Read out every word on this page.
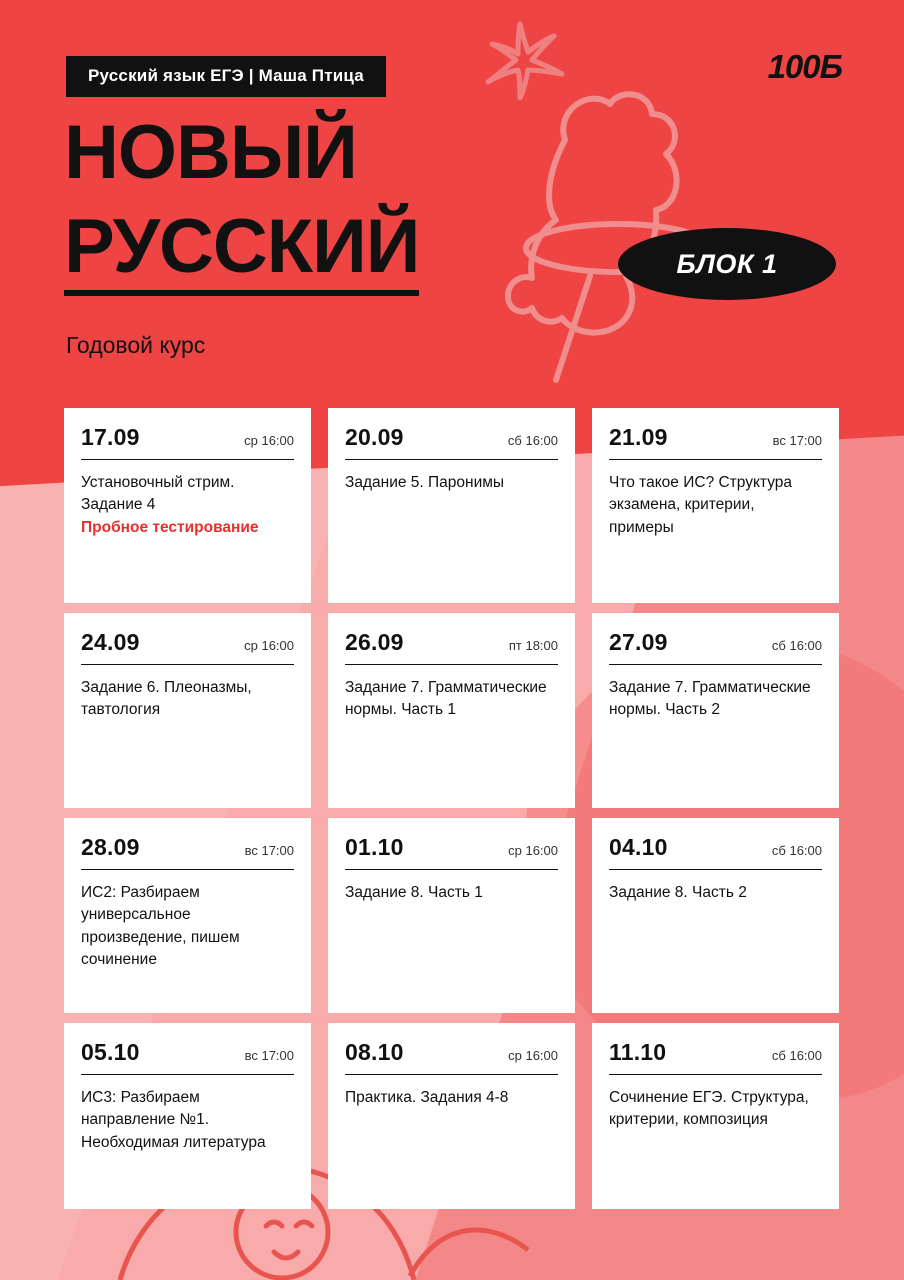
Русский язык ЕГЭ | Маша Птица	100Б
НОВЫЙ
РУССКИЙ
Годовой курс
БЛОК 1
17.09	ср 16:00
Установочный стрим. Задание 4
Пробное тестирование
20.09	сб 16:00
Задание 5. Паронимы
21.09	вс 17:00
Что такое ИС? Структура экзамена, критерии, примеры
24.09	ср 16:00
Задание 6. Плеоназмы, тавтология
26.09	пт 18:00
Задание 7. Грамматические нормы. Часть 1
27.09	сб 16:00
Задание 7. Грамматические нормы. Часть 2
28.09	вс 17:00
ИС2: Разбираем универсальное произведение, пишем сочинение
01.10	ср 16:00
Задание 8. Часть 1
04.10	сб 16:00
Задание 8. Часть 2
05.10	вс 17:00
ИС3: Разбираем направление №1. Необходимая литература
08.10	ср 16:00
Практика. Задания 4-8
11.10	сб 16:00
Сочинение ЕГЭ. Структура, критерии, композиция
